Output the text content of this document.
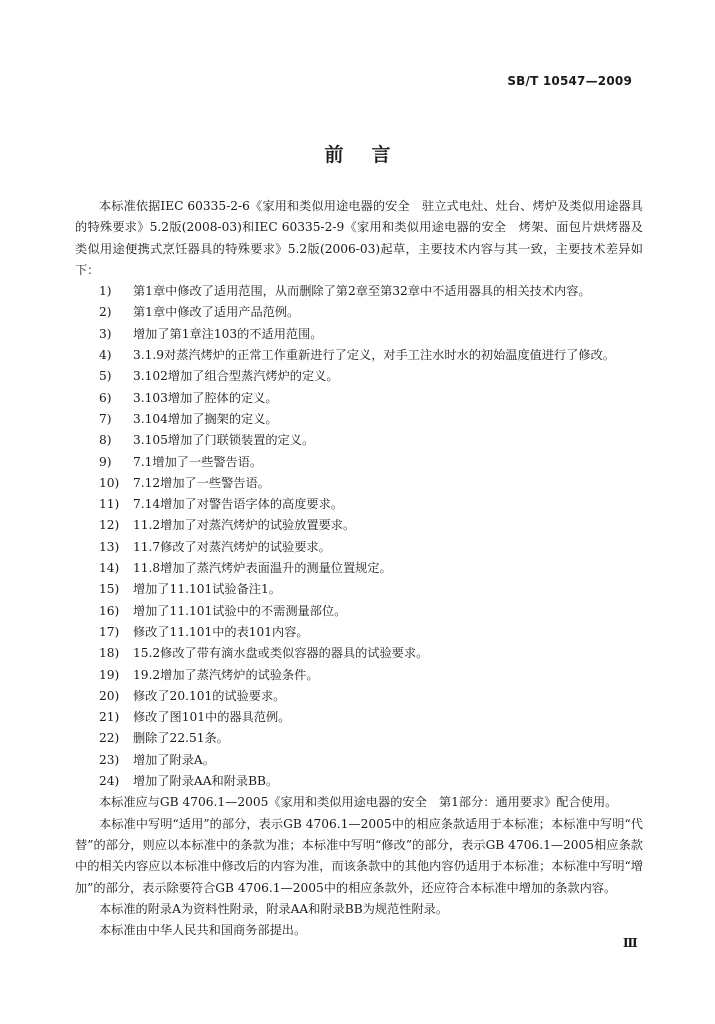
SB/T 10547—2009
前言

本标准依据IEC 60335-2-6《家用和类似用途电器的安全　驻立式电灶、灶台、烤炉及类似用途器具的特殊要求》5.2版(2008-03)和IEC 60335-2-9《家用和类似用途电器的安全　烤架、面包片烘烤器及类似用途便携式烹饪器具的特殊要求》5.2版(2006-03)起草，主要技术内容与其一致，主要技术差异如下：

1)	第1章中修改了适用范围，从而删除了第2章至第32章中不适用器具的相关技术内容。
2)	第1章中修改了适用产品范例。
3)	增加了第1章注103的不适用范围。
4)	3.1.9对蒸汽烤炉的正常工作重新进行了定义，对手工注水时水的初始温度值进行了修改。
5)	3.102增加了组合型蒸汽烤炉的定义。
6)	3.103增加了腔体的定义。
7)	3.104增加了搁架的定义。
8)	3.105增加了门联锁装置的定义。
9)	7.1增加了一些警告语。
10)	7.12增加了一些警告语。
11)	7.14增加了对警告语字体的高度要求。
12)	11.2增加了对蒸汽烤炉的试验放置要求。
13)	11.7修改了对蒸汽烤炉的试验要求。
14)	11.8增加了蒸汽烤炉表面温升的测量位置规定。
15)	增加了11.101试验备注1。
16)	增加了11.101试验中的不需测量部位。
17)	修改了11.101中的表101内容。
18)	15.2修改了带有滴水盘或类似容器的器具的试验要求。
19)	19.2增加了蒸汽烤炉的试验条件。
20)	修改了20.101的试验要求。
21)	修改了图101中的器具范例。
22)	删除了22.51条。
23)	增加了附录A。
24)	增加了附录AA和附录BB。

本标准应与GB 4706.1—2005《家用和类似用途电器的安全　第1部分：通用要求》配合使用。

本标准中写明“适用”的部分，表示GB 4706.1—2005中的相应条款适用于本标准；本标准中写明“代替”的部分，则应以本标准中的条款为准；本标准中写明“修改”的部分，表示GB 4706.1—2005相应条款中的相关内容应以本标准中修改后的内容为准，而该条款中的其他内容仍适用于本标准；本标准中写明“增加”的部分，表示除要符合GB 4706.1—2005中的相应条款外，还应符合本标准中增加的条款内容。

本标准的附录A为资料性附录，附录AA和附录BB为规范性附录。

本标准由中华人民共和国商务部提出。

Ⅲ
